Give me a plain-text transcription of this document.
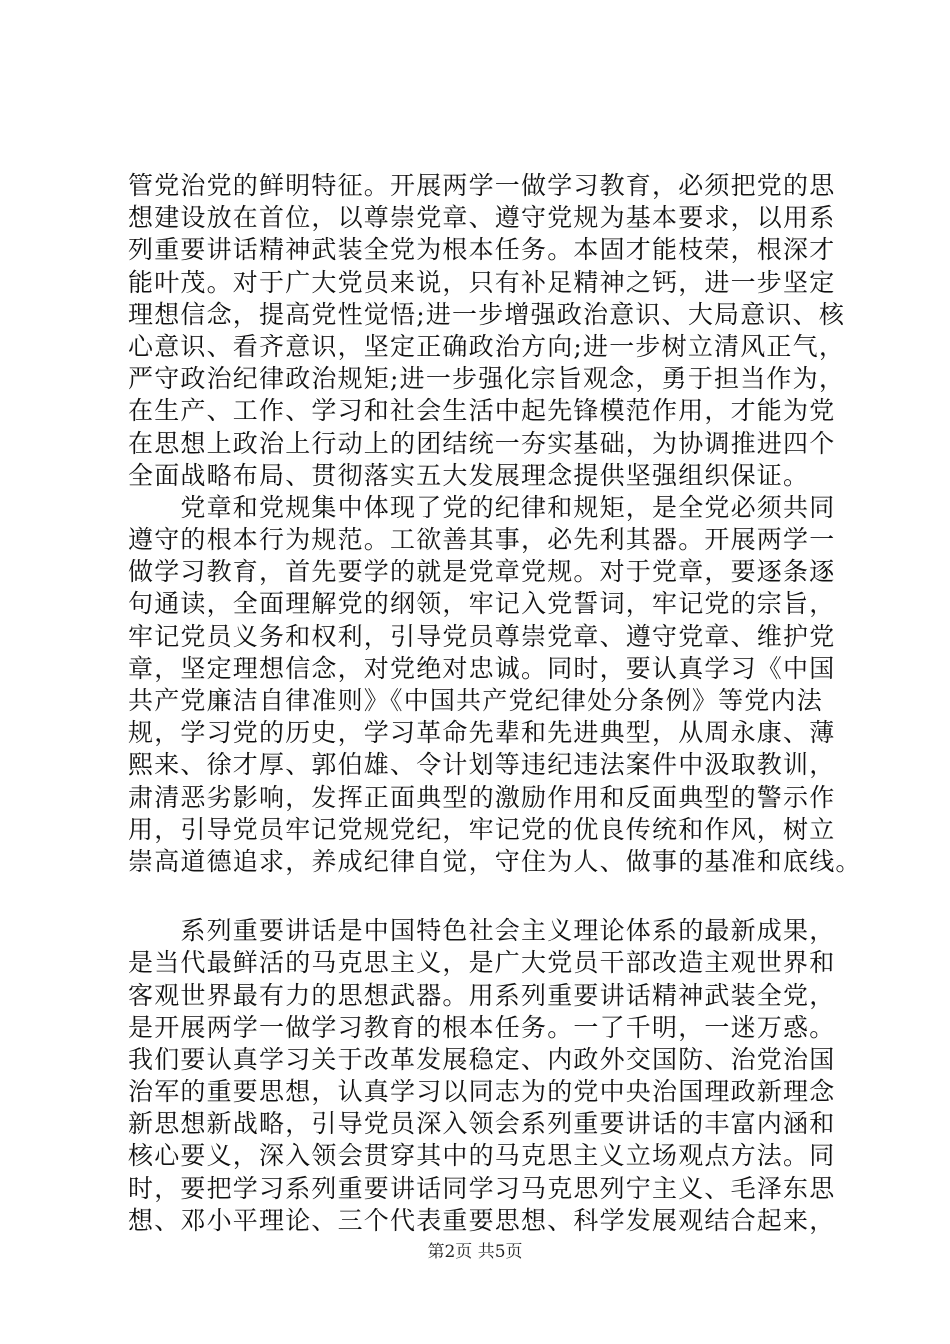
管党治党的鲜明特征。开展两学一做学习教育，必须把党的思
想建设放在首位，以尊崇党章、遵守党规为基本要求，以用系
列重要讲话精神武装全党为根本任务。本固才能枝荣，根深才
能叶茂。对于广大党员来说，只有补足精神之钙，进一步坚定
理想信念，提高党性觉悟;进一步增强政治意识、大局意识、核
心意识、看齐意识，坚定正确政治方向;进一步树立清风正气，
严守政治纪律政治规矩;进一步强化宗旨观念，勇于担当作为，
在生产、工作、学习和社会生活中起先锋模范作用，才能为党
在思想上政治上行动上的团结统一夯实基础，为协调推进四个
全面战略布局、贯彻落实五大发展理念提供坚强组织保证。
　　党章和党规集中体现了党的纪律和规矩，是全党必须共同
遵守的根本行为规范。工欲善其事，必先利其器。开展两学一
做学习教育，首先要学的就是党章党规。对于党章，要逐条逐
句通读，全面理解党的纲领，牢记入党誓词，牢记党的宗旨，
牢记党员义务和权利，引导党员尊崇党章、遵守党章、维护党
章，坚定理想信念，对党绝对忠诚。同时，要认真学习《中国
共产党廉洁自律准则》《中国共产党纪律处分条例》等党内法
规，学习党的历史，学习革命先辈和先进典型，从周永康、薄
熙来、徐才厚、郭伯雄、令计划等违纪违法案件中汲取教训，
肃清恶劣影响，发挥正面典型的激励作用和反面典型的警示作
用，引导党员牢记党规党纪，牢记党的优良传统和作风，树立
崇高道德追求，养成纪律自觉，守住为人、做事的基准和底线。
　　系列重要讲话是中国特色社会主义理论体系的最新成果，
是当代最鲜活的马克思主义，是广大党员干部改造主观世界和
客观世界最有力的思想武器。用系列重要讲话精神武装全党，
是开展两学一做学习教育的根本任务。一了千明，一迷万惑。
我们要认真学习关于改革发展稳定、内政外交国防、治党治国
治军的重要思想，认真学习以同志为的党中央治国理政新理念
新思想新战略，引导党员深入领会系列重要讲话的丰富内涵和
核心要义，深入领会贯穿其中的马克思主义立场观点方法。同
时，要把学习系列重要讲话同学习马克思列宁主义、毛泽东思
想、邓小平理论、三个代表重要思想、科学发展观结合起来，
第2页 共5页
